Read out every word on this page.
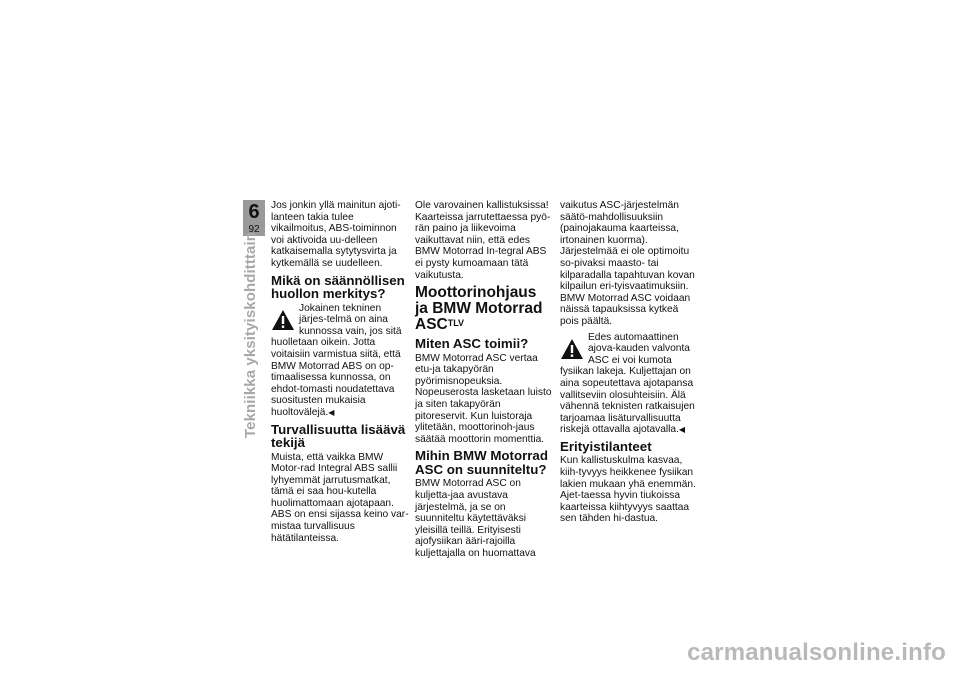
6
92
Tekniikka yksityiskohditttain

Jos jonkin yllä mainitun ajoti-lanteen takia tulee vikailmoitus, ABS-toiminnon voi aktivoida uu-delleen katkaisemalla sytytysvirta ja kytkemällä se uudelleen.

Mikä on säännöllisen huollon merkitys?

Jokainen tekninen järjes-telmä on aina kunnossa vain, jos sitä huolletaan oikein. Jotta voitaisiin varmistua siitä, että BMW Motorrad ABS on op-timaalisessa kunnossa, on ehdot-tomasti noudatettava suositusten mukaisia huoltovälejä.◀

Turvallisuutta lisäävä tekijä

Muista, että vaikka BMW Motor-rad Integral ABS sallii lyhyemmät jarrutusmatkat, tämä ei saa hou-kutella huolimattomaan ajotapaan. ABS on ensi sijassa keino var-mistaa turvallisuus hätätilanteissa.

Ole varovainen kallistuksissa! Kaarteissa jarrutettaessa pyö-rän paino ja liikevoima vaikuttavat niin, että edes BMW Motorrad In-tegral ABS ei pysty kumoamaan tätä vaikutusta.

Moottorinohjaus ja BMW Motorrad $ASC^{TLV}$
Miten ASC toimii?

BMW Motorrad ASC vertaa etu-ja takapyörän pyörimisnopeuksia. Nopeuserosta lasketaan luisto ja siten takapyörän pitoreservit. Kun luistoraja ylitetään, moottorinoh-jaus säätää moottorin momenttia.

Mihin BMW Motorrad ASC on suunniteltu?

BMW Motorrad ASC on kuljetta-jaa avustava järjestelmä, ja se on suunniteltu käytettäväksi yleisillä teillä. Erityisesti ajofysiikan ääri-rajoilla kuljettajalla on huomattava

vaikutus ASC-järjestelmän säätö-mahdollisuuksiin (painojakauma kaarteissa, irtonainen kuorma). Järjestelmää ei ole optimoitu so-pivaksi maasto- tai kilparadalla tapahtuvan kovan kilpailun eri-tyisvaatimuksiin. BMW Motorrad ASC voidaan näissä tapauksissa kytkeä pois päältä.

Edes automaattinen ajova-kauden valvonta ASC ei voi kumota fysiikan lakeja. Kuljettajan on aina sopeutettava ajotapansa vallitseviin olosuhteisiin. Älä vähennä teknisten ratkaisujen tarjoamaa lisäturvallisuutta riskejä ottavalla ajotavalla.◀

Erityistilanteet

Kun kallistuskulma kasvaa, kiih-tyvyys heikkenee fysiikan lakien mukaan yhä enemmän. Ajet-taessa hyvin tiukoissa kaarteissa kiihtyvyys saattaa sen tähden hi-dastua.

carmanualsonline.info
